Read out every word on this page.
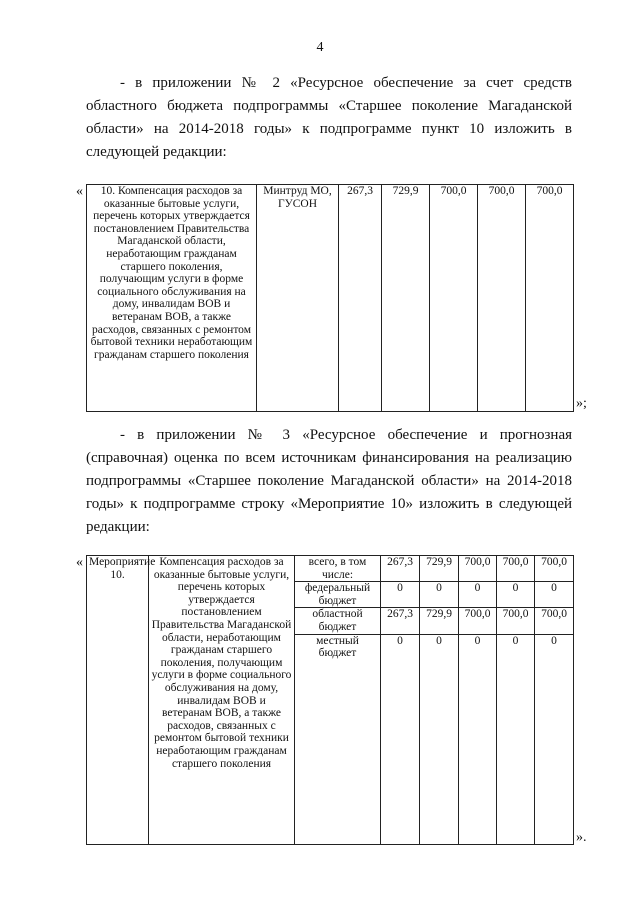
4
- в приложении № 2 «Ресурсное обеспечение за счет средств областного бюджета подпрограммы «Старшее поколение Магаданской области» на 2014-2018 годы» к подпрограмме пункт 10 изложить в следующей редакции:
« 10. Компенсация расходов за оказанные бытовые услуги, перечень которых утверждается постановлением Правительства Магаданской области, неработающим гражданам старшего поколения, получающим услуги в форме социального обслуживания на дому, инвалидам ВОВ и ветеранам ВОВ, а также расходов, связанных с ремонтом бытовой техники неработающим гражданам старшего поколения	Минтруд МО, ГУСОН	267,3	729,9	700,0	700,0	700,0
»;
- в приложении № 3 «Ресурсное обеспечение и прогнозная (справочная) оценка по всем источникам финансирования на реализацию подпрограммы «Старшее поколение Магаданской области» на 2014-2018 годы» к подпрограмме строку «Мероприятие 10» изложить в следующей редакции:
« Мероприятие 10.	Компенсация расходов за оказанные бытовые услуги, перечень которых утверждается постановлением Правительства Магаданской области, неработающим гражданам старшего поколения, получающим услуги в форме социального обслуживания на дому, инвалидам ВОВ и ветеранам ВОВ, а также расходов, связанных с ремонтом бытовой техники неработающим гражданам старшего поколения	всего, в том числе:	267,3	729,9	700,0	700,0	700,0
		федеральный бюджет	0	0	0	0	0
		областной бюджет	267,3	729,9	700,0	700,0	700,0
		местный бюджет	0	0	0	0	0
».
